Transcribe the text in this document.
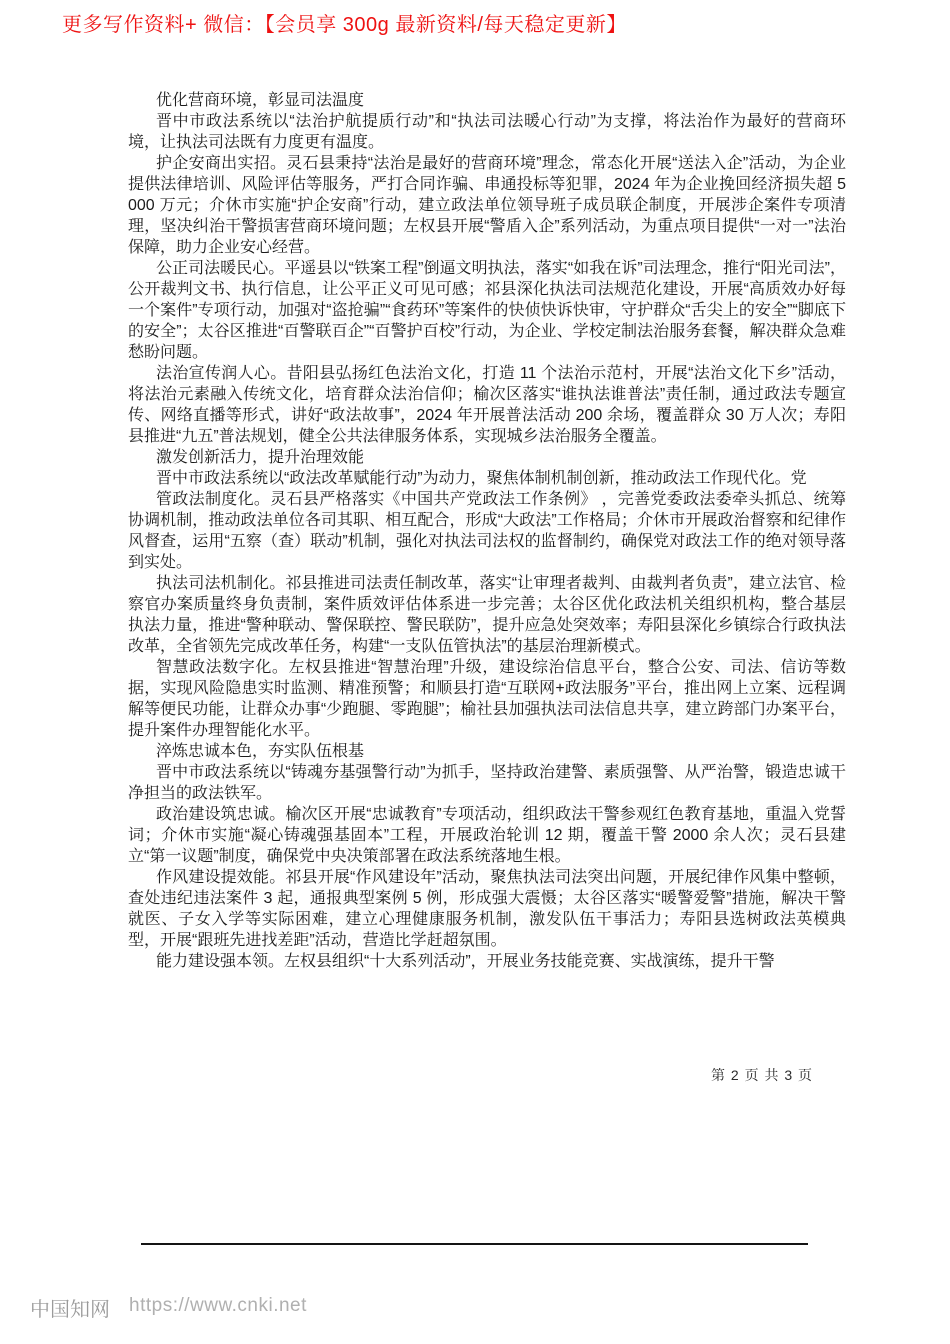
更多写作资料+ 微信：【会员享 300g 最新资料/每天稳定更新】

优化营商环境，彰显司法温度

晋中市政法系统以“法治护航提质行动”和“执法司法暖心行动”为支撑，将法治作为最好的营商环境，让执法司法既有力度更有温度。

护企安商出实招。灵石县秉持“法治是最好的营商环境”理念，常态化开展“送法入企”活动，为企业提供法律培训、风险评估等服务，严打合同诈骗、串通投标等犯罪，2024 年为企业挽回经济损失超 5000 万元；介休市实施“护企安商”行动，建立政法单位领导班子成员联企制度，开展涉企案件专项清理，坚决纠治干警损害营商环境问题；左权县开展“警盾入企”系列活动，为重点项目提供“一对一”法治保障，助力企业安心经营。

公正司法暖民心。平遥县以“铁案工程”倒逼文明执法，落实“如我在诉”司法理念，推行“阳光司法”，公开裁判文书、执行信息，让公平正义可见可感；祁县深化执法司法规范化建设，开展“高质效办好每一个案件”专项行动，加强对“盗抢骗”“食药环”等案件的快侦快诉快审，守护群众“舌尖上的安全”“脚底下的安全”；太谷区推进“百警联百企”“百警护百校”行动，为企业、学校定制法治服务套餐，解决群众急难愁盼问题。

法治宣传润人心。昔阳县弘扬红色法治文化，打造 11 个法治示范村，开展“法治文化下乡”活动，将法治元素融入传统文化，培育群众法治信仰；榆次区落实“谁执法谁普法”责任制，通过政法专题宣传、网络直播等形式，讲好“政法故事”，2024 年开展普法活动 200 余场，覆盖群众 30 万人次；寿阳县推进“九五”普法规划，健全公共法律服务体系，实现城乡法治服务全覆盖。

激发创新活力，提升治理效能

晋中市政法系统以“政法改革赋能行动”为动力，聚焦体制机制创新，推动政法工作现代化。党

管政法制度化。灵石县严格落实《中国共产党政法工作条例》 ，完善党委政法委牵头抓总、统筹协调机制，推动政法单位各司其职、相互配合，形成“大政法”工作格局；介休市开展政治督察和纪律作风督查，运用“五察（查）联动”机制，强化对执法司法权的监督制约，确保党对政法工作的绝对领导落到实处。

执法司法机制化。祁县推进司法责任制改革，落实“让审理者裁判、由裁判者负责”，建立法官、检察官办案质量终身负责制，案件质效评估体系进一步完善；太谷区优化政法机关组织机构，整合基层执法力量，推进“警种联动、警保联控、警民联防”，提升应急处突效率；寿阳县深化乡镇综合行政执法改革，全省领先完成改革任务，构建“一支队伍管执法”的基层治理新模式。

智慧政法数字化。左权县推进“智慧治理”升级，建设综治信息平台，整合公安、司法、信访等数据，实现风险隐患实时监测、精准预警；和顺县打造“互联网+政法服务”平台，推出网上立案、远程调解等便民功能，让群众办事“少跑腿、零跑腿”；榆社县加强执法司法信息共享，建立跨部门办案平台，提升案件办理智能化水平。

淬炼忠诚本色，夯实队伍根基

晋中市政法系统以“铸魂夯基强警行动”为抓手，坚持政治建警、素质强警、从严治警，锻造忠诚干净担当的政法铁军。

政治建设筑忠诚。榆次区开展“忠诚教育”专项活动，组织政法干警参观红色教育基地，重温入党誓词；介休市实施“凝心铸魂强基固本”工程，开展政治轮训 12 期，覆盖干警 2000 余人次；灵石县建立“第一议题”制度，确保党中央决策部署在政法系统落地生根。

作风建设提效能。祁县开展“作风建设年”活动，聚焦执法司法突出问题，开展纪律作风集中整顿，查处违纪违法案件 3 起，通报典型案例 5 例，形成强大震慑；太谷区落实“暖警爱警”措施，解决干警就医、子女入学等实际困难，建立心理健康服务机制，激发队伍干事活力；寿阳县选树政法英模典型，开展“跟班先进找差距”活动，营造比学赶超氛围。

能力建设强本领。左权县组织“十大系列活动”，开展业务技能竞赛、实战演练，提升干警

第 2 页 共 3 页
中国知网 https://www.cnki.net
